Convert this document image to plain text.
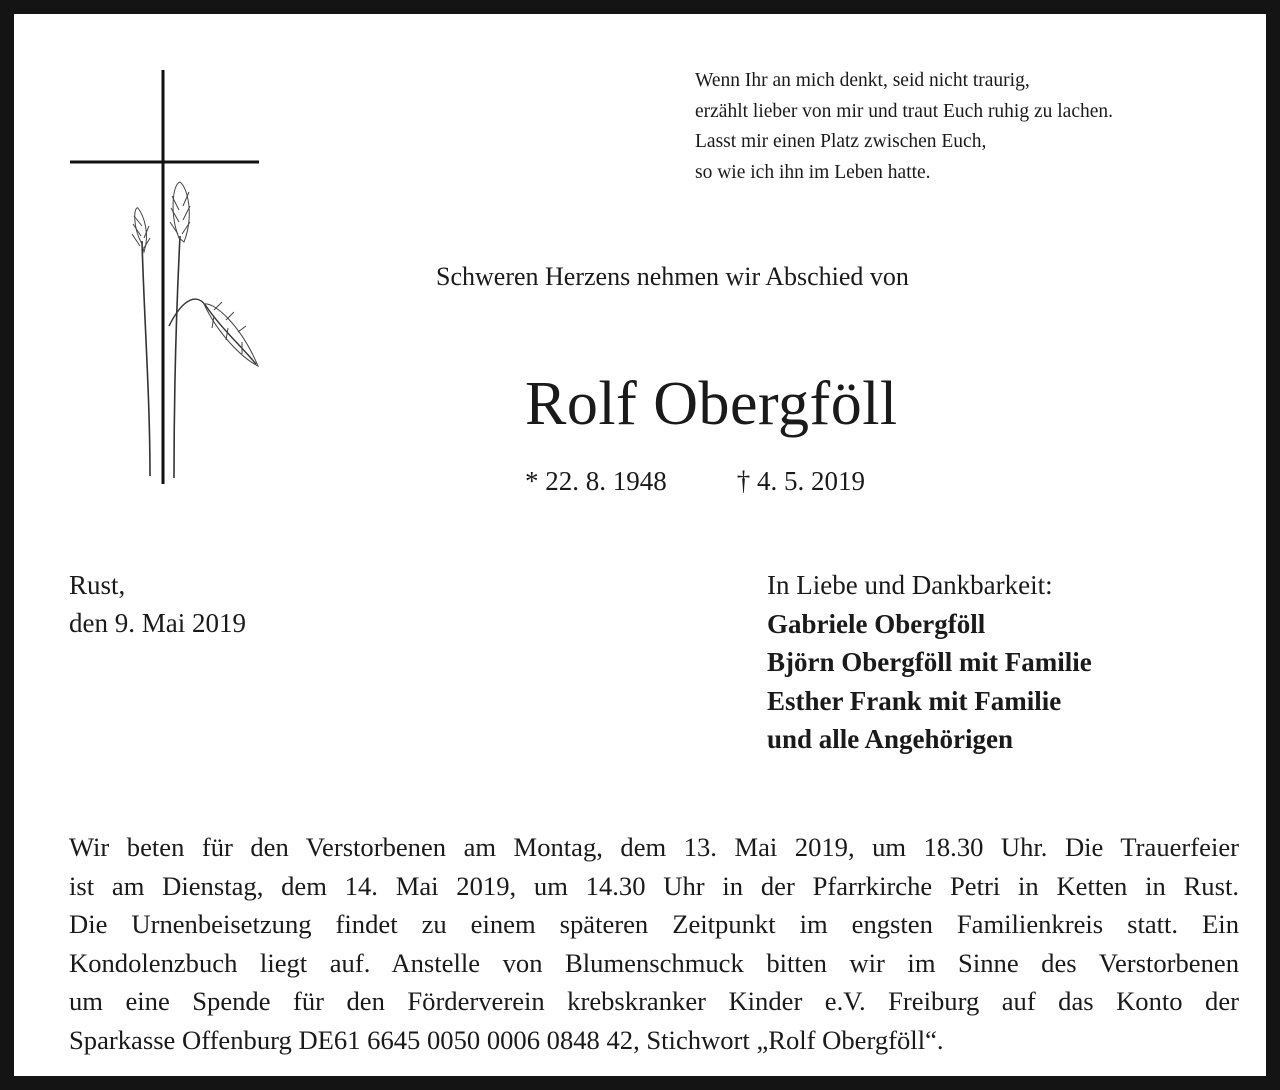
Wenn Ihr an mich denkt, seid nicht traurig,
erzählt lieber von mir und traut Euch ruhig zu lachen.
Lasst mir einen Platz zwischen Euch,
so wie ich ihn im Leben hatte.
Schweren Herzens nehmen wir Abschied von
Rolf Obergföll
* 22. 8. 1948	† 4. 5. 2019
Rust,
den 9. Mai 2019
In Liebe und Dankbarkeit:
Gabriele Obergföll
Björn Obergföll mit Familie
Esther Frank mit Familie
und alle Angehörigen
Wir beten für den Verstorbenen am Montag, dem 13. Mai 2019, um 18.30 Uhr. Die Trauerfeier
ist am Dienstag, dem 14. Mai 2019, um 14.30 Uhr in der Pfarrkirche Petri in Ketten in Rust.
Die Urnenbeisetzung findet zu einem späteren Zeitpunkt im engsten Familienkreis statt. Ein
Kondolenzbuch liegt auf. Anstelle von Blumenschmuck bitten wir im Sinne des Verstorbenen
um eine Spende für den Förderverein krebskranker Kinder e.V. Freiburg auf das Konto der
Sparkasse Offenburg DE61 6645 0050 0006 0848 42, Stichwort „Rolf Obergföll“.
